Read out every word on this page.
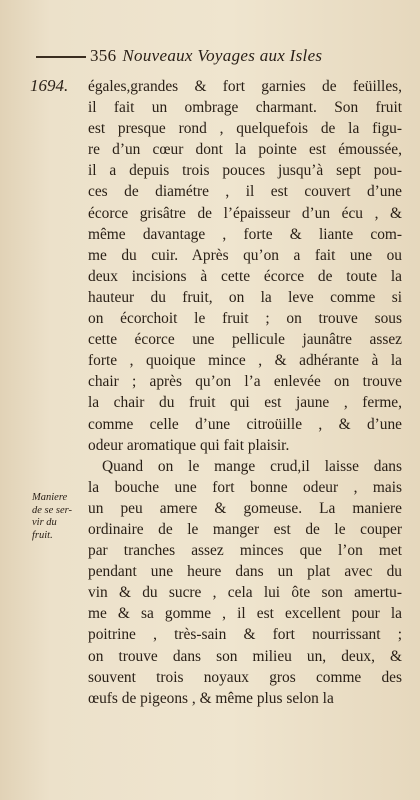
356 Nouveaux Voyages aux Isles
1694. égales,grandes & fort garnies de feüilles,
il fait un ombrage charmant. Son fruit
est presque rond , quelquefois de la figu-
re d’un cœur dont la pointe est émoussée,
il a depuis trois pouces jusqu’à sept pou-
ces de diamétre , il est couvert d’une
écorce grisâtre de l’épaisseur d’un écu , &
même davantage , forte & liante com-
me du cuir. Après qu’on a fait une ou
deux incisions à cette écorce de toute la
hauteur du fruit, on la leve comme si
on écorchoit le fruit ; on trouve sous
cette écorce une pellicule jaunâtre assez
forte , quoique mince , & adhérante à la
chair ; après qu’on l’a enlevée on trouve
la chair du fruit qui est jaune , ferme,
comme celle d’une citroüille , & d’une
odeur aromatique qui fait plaisir.
Quand on le mange crud,il laisse dans
la bouche une fort bonne odeur , mais
un peu amere & gomeuse. La maniere
ordinaire de le manger est de le couper
par tranches assez minces que l’on met
pendant une heure dans un plat avec du
vin & du sucre , cela lui ôte son amertu-
me & sa gomme , il est excellent pour la
poitrine , très-sain & fort nourrissant ;
on trouve dans son milieu un, deux, &
souvent trois noyaux gros comme des
œufs de pigeons , & même plus selon la
Maniere
de se ser-
vir du
fruit.
